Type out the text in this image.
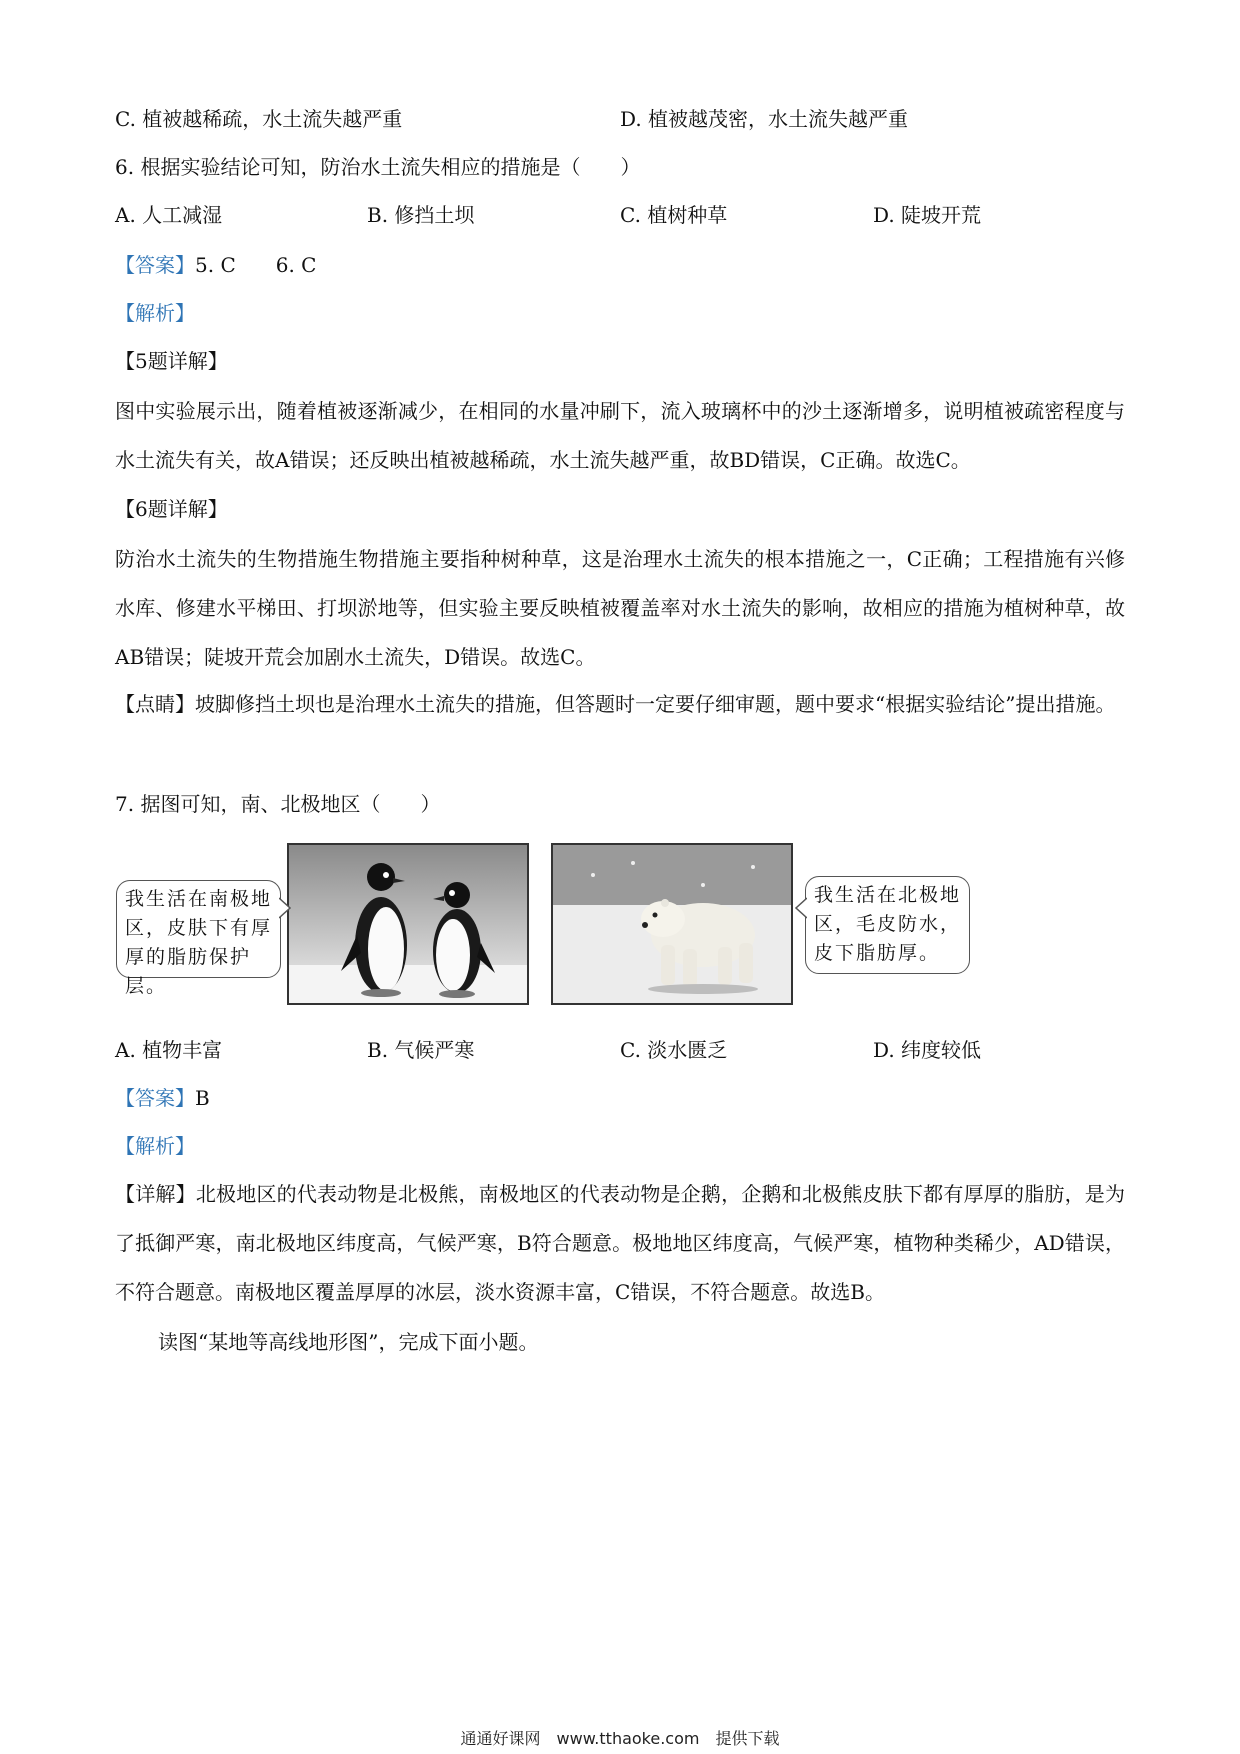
C. 植被越稀疏，水土流失越严重	D. 植被越茂密，水土流失越严重
6. 根据实验结论可知，防治水土流失相应的措施是（　　）
A. 人工减湿	B. 修挡土坝	C. 植树种草	D. 陡坡开荒
【答案】5. C　　6. C
【解析】
【5题详解】
图中实验展示出，随着植被逐渐减少，在相同的水量冲刷下，流入玻璃杯中的沙土逐渐增多，说明植被疏密程度与水土流失有关，故A错误；还反映出植被越稀疏，水土流失越严重，故BD错误，C正确。故选C。
【6题详解】
防治水土流失的生物措施生物措施主要指种树种草，这是治理水土流失的根本措施之一，C正确；工程措施有兴修水库、修建水平梯田、打坝淤地等，但实验主要反映植被覆盖率对水土流失的影响，故相应的措施为植树种草，故AB错误；陡坡开荒会加剧水土流失，D错误。故选C。
【点睛】坡脚修挡土坝也是治理水土流失的措施，但答题时一定要仔细审题，题中要求“根据实验结论”提出措施。
7. 据图可知，南、北极地区（　　）
我生活在南极地区，皮肤下有厚厚的脂肪保护层。
我生活在北极地区，毛皮防水，皮下脂肪厚。
A. 植物丰富	B. 气候严寒	C. 淡水匮乏	D. 纬度较低
【答案】B
【解析】
【详解】北极地区的代表动物是北极熊，南极地区的代表动物是企鹅，企鹅和北极熊皮肤下都有厚厚的脂肪，是为了抵御严寒，南北极地区纬度高，气候严寒，B符合题意。极地地区纬度高，气候严寒，植物种类稀少，AD错误，不符合题意。南极地区覆盖厚厚的冰层，淡水资源丰富，C错误，不符合题意。故选B。
读图“某地等高线地形图”，完成下面小题。
通通好课网　www.tthaoke.com　提供下载
